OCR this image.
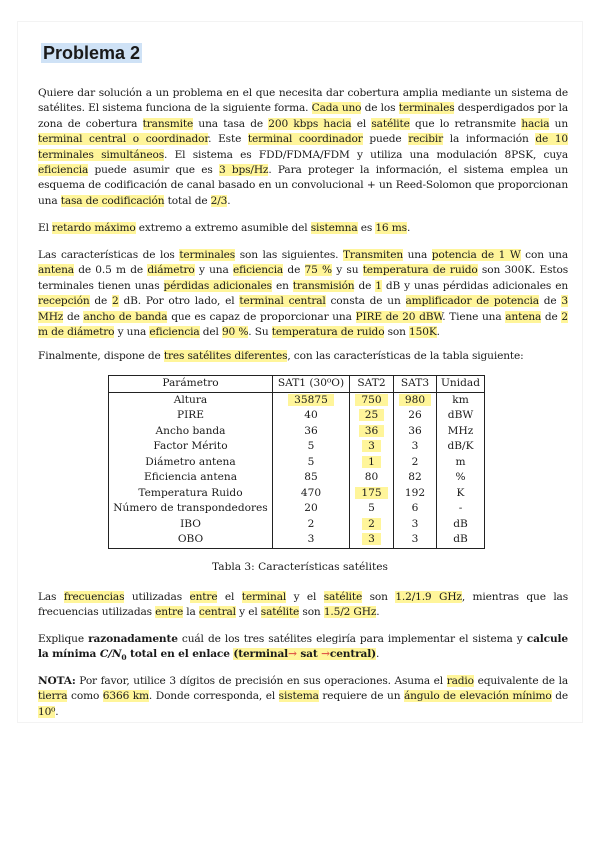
Problema 2
Quiere dar solución a un problema en el que necesita dar cobertura amplia mediante un sistema de satélites. El sistema funciona de la siguiente forma. Cada uno de los terminales desperdigados por la zona de cobertura transmite una tasa de 200 kbps hacia el satélite que lo retransmite hacia un terminal central o coordinador. Este terminal coordinador puede recibir la información de 10 terminales simultáneos. El sistema es FDD/FDMA/FDM y utiliza una modulación 8PSK, cuya eficiencia puede asumir que es 3 bps/Hz. Para proteger la información, el sistema emplea un esquema de codificación de canal basado en un convolucional + un Reed-Solomon que proporcionan una tasa de codificación total de 2/3.
El retardo máximo extremo a extremo asumible del sistemna es 16 ms.
Las características de los terminales son las siguientes. Transmiten una potencia de 1 W con una antena de 0.5 m de diámetro y una eficiencia de 75 % y su temperatura de ruido son 300K. Estos terminales tienen unas pérdidas adicionales en transmisión de 1 dB y unas pérdidas adicionales en recepción de 2 dB. Por otro lado, el terminal central consta de un amplificador de potencia de 3 MHz de ancho de banda que es capaz de proporcionar una PIRE de 20 dBW. Tiene una antena de 2 m de diámetro y una eficiencia del 90 %. Su temperatura de ruido son 150K.
Finalmente, dispone de tres satélites diferentes, con las características de la tabla siguiente:
Parámetro	SAT1 (30⁰O)	SAT2	SAT3	Unidad
Altura	35875	750	980	km
PIRE	40	25	26	dBW
Ancho banda	36	36	36	MHz
Factor Mérito	5	3	3	dB/K
Diámetro antena	5	1	2	m
Eficiencia antena	85	80	82	%
Temperatura Ruido	470	175	192	K
Número de transpondedores	20	5	6	-
IBO	2	2	3	dB
OBO	3	3	3	dB
Tabla 3: Características satélites
Las frecuencias utilizadas entre el terminal y el satélite son 1.2/1.9 GHz, mientras que las frecuencias utilizadas entre la central y el satélite son 1.5/2 GHz.
Explique razonadamente cuál de los tres satélites elegiría para implementar el sistema y calcule la mínima $C/N_0$ total en el enlace (terminal→ sat →central).
NOTA: Por favor, utilice 3 dígitos de precisión en sus operaciones. Asuma el radio equivalente de la tierra como 6366 km. Donde corresponda, el sistema requiere de un ángulo de elevación mínimo de 10⁰.
